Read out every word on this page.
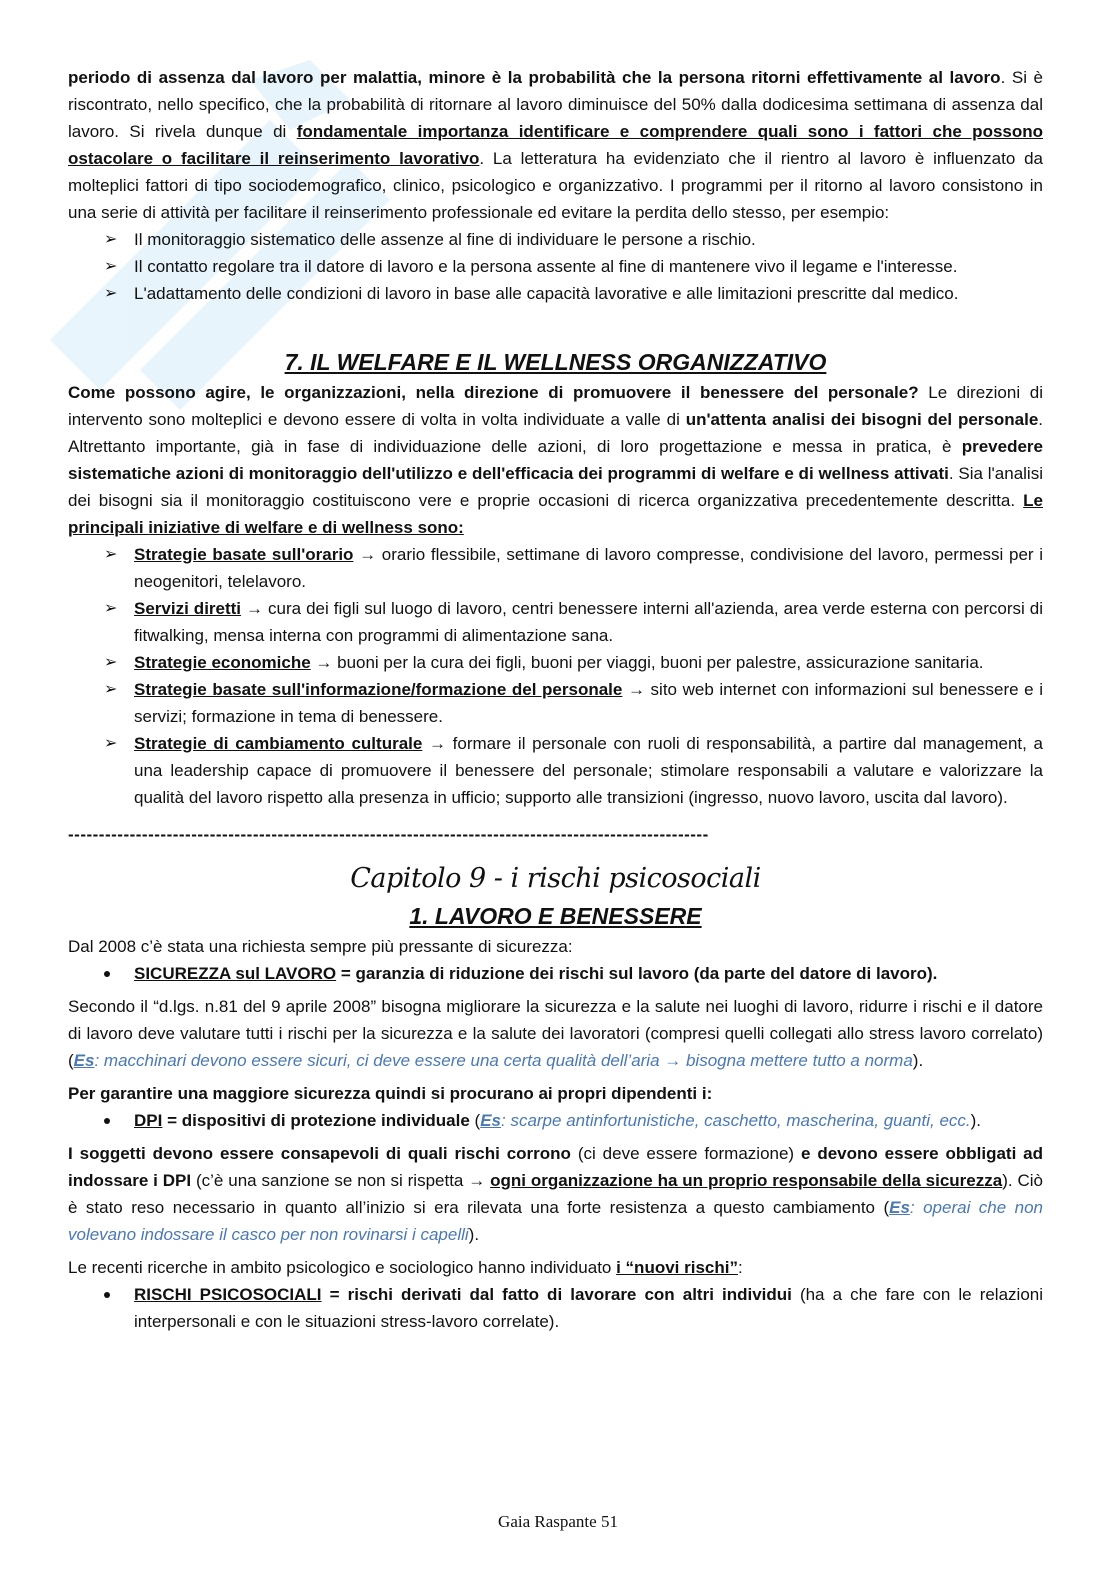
periodo di assenza dal lavoro per malattia, minore è la probabilità che la persona ritorni effettivamente al lavoro. Si è riscontrato, nello specifico, che la probabilità di ritornare al lavoro diminuisce del 50% dalla dodicesima settimana di assenza dal lavoro. Si rivela dunque di fondamentale importanza identificare e comprendere quali sono i fattori che possono ostacolare o facilitare il reinserimento lavorativo. La letteratura ha evidenziato che il rientro al lavoro è influenzato da molteplici fattori di tipo sociodemografico, clinico, psicologico e organizzativo. I programmi per il ritorno al lavoro consistono in una serie di attività per facilitare il reinserimento professionale ed evitare la perdita dello stesso, per esempio:

➢ Il monitoraggio sistematico delle assenze al fine di individuare le persone a rischio.
➢ Il contatto regolare tra il datore di lavoro e la persona assente al fine di mantenere vivo il legame e l'interesse.
➢ L'adattamento delle condizioni di lavoro in base alle capacità lavorative e alle limitazioni prescritte dal medico.
7. IL WELFARE E IL WELLNESS ORGANIZZATIVO

Come possono agire, le organizzazioni, nella direzione di promuovere il benessere del personale? Le direzioni di intervento sono molteplici e devono essere di volta in volta individuate a valle di un'attenta analisi dei bisogni del personale. Altrettanto importante, già in fase di individuazione delle azioni, di loro progettazione e messa in pratica, è prevedere sistematiche azioni di monitoraggio dell'utilizzo e dell'efficacia dei programmi di welfare e di wellness attivati. Sia l'analisi dei bisogni sia il monitoraggio costituiscono vere e proprie occasioni di ricerca organizzativa precedentemente descritta. Le principali iniziative di welfare e di wellness sono:

➢ Strategie basate sull'orario → orario flessibile, settimane di lavoro compresse, condivisione del lavoro, permessi per i neogenitori, telelavoro.
➢ Servizi diretti → cura dei figli sul luogo di lavoro, centri benessere interni all'azienda, area verde esterna con percorsi di fitwalking, mensa interna con programmi di alimentazione sana.
➢ Strategie economiche → buoni per la cura dei figli, buoni per viaggi, buoni per palestre, assicurazione sanitaria.
➢ Strategie basate sull'informazione/formazione del personale → sito web internet con informazioni sul benessere e i servizi; formazione in tema di benessere.
➢ Strategie di cambiamento culturale → formare il personale con ruoli di responsabilità, a partire dal management, a una leadership capace di promuovere il benessere del personale; stimolare responsabili a valutare e valorizzare la qualità del lavoro rispetto alla presenza in ufficio; supporto alle transizioni (ingresso, nuovo lavoro, uscita dal lavoro).
--------------------------------------------------------------------------------------------------------
Capitolo 9 - i rischi psicosociali
1. LAVORO E BENESSERE

Dal 2008 c’è stata una richiesta sempre più pressante di sicurezza:

SICUREZZA sul LAVORO = garanzia di riduzione dei rischi sul lavoro (da parte del datore di lavoro).

Secondo il “d.lgs. n.81 del 9 aprile 2008” bisogna migliorare la sicurezza e la salute nei luoghi di lavoro, ridurre i rischi e il datore di lavoro deve valutare tutti i rischi per la sicurezza e la salute dei lavoratori (compresi quelli collegati allo stress lavoro correlato) (Es: macchinari devono essere sicuri, ci deve essere una certa qualità dell’aria → bisogna mettere tutto a norma).

Per garantire una maggiore sicurezza quindi si procurano ai propri dipendenti i:

DPI = dispositivi di protezione individuale (Es: scarpe antinfortunistiche, caschetto, mascherina, guanti, ecc.).

I soggetti devono essere consapevoli di quali rischi corrono (ci deve essere formazione) e devono essere obbligati ad indossare i DPI (c’è una sanzione se non si rispetta → ogni organizzazione ha un proprio responsabile della sicurezza). Ciò è stato reso necessario in quanto all’inizio si era rilevata una forte resistenza a questo cambiamento (Es: operai che non volevano indossare il casco per non rovinarsi i capelli).

Le recenti ricerche in ambito psicologico e sociologico hanno individuato i “nuovi rischi”:

RISCHI PSICOSOCIALI = rischi derivati dal fatto di lavorare con altri individui (ha a che fare con le relazioni interpersonali e con le situazioni stress-lavoro correlate).
Gaia Raspante 51
